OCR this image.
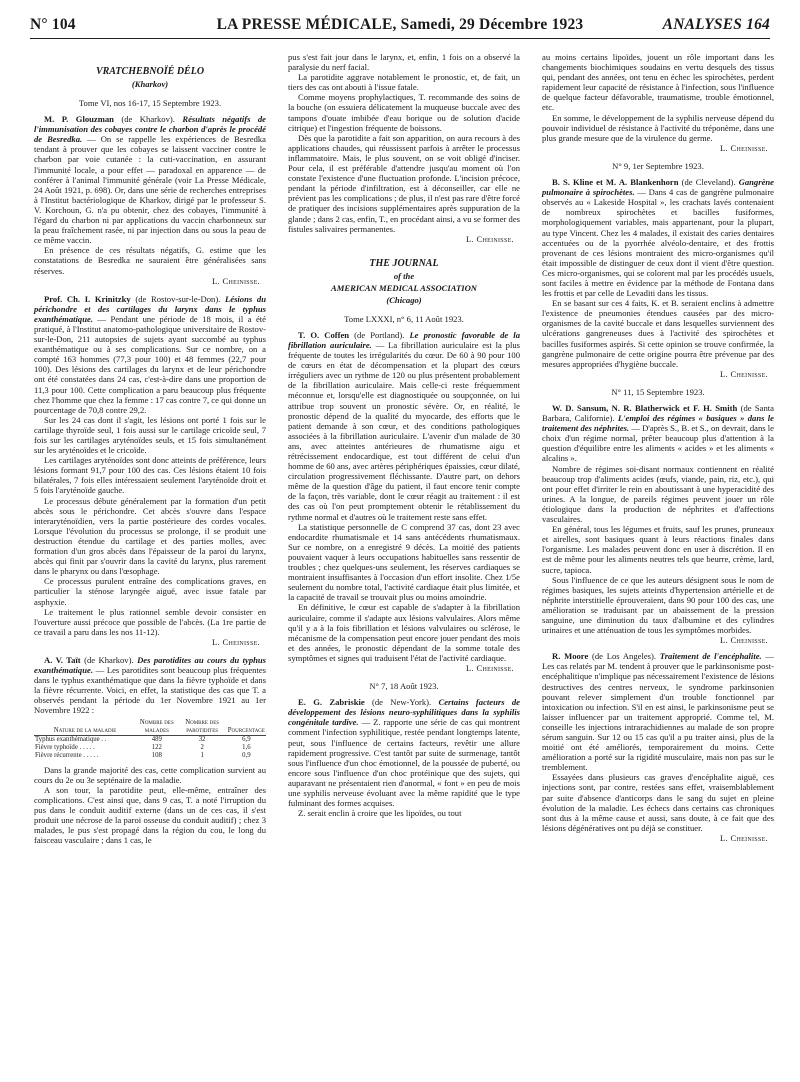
N° 104	LA PRESSE MÉDICALE, Samedi, 29 Décembre 1923	ANALYSES 164

VRATCHEBNOÏÉ DÉLO

(Kharkov)

Tome VI, nos 16-17, 15 Septembre 1923.

M. P. Glouzman (de Kharkov). Résultats négatifs de l'immunisation des cobayes contre le charbon d'après le procédé de Besredka. — On se rappelle les expériences de Besredka tendant à prouver que les cobayes se laissent vacciner contre le charbon par voie cutanée : la cuti-vaccination, en assurant l'immunité locale, a pour effet — paradoxal en apparence — de conférer à l'animal l'immunité générale (voir La Presse Médicale, 24 Août 1921, p. 698). Or, dans une série de recherches entreprises à l'Institut bactériologique de Kharkov, dirigé par le professeur S. V. Korchoun, G. n'a pu obtenir, chez des cobayes, l'immunité à l'égard du charbon ni par applications du vaccin charbonneux sur la peau fraîchement rasée, ni par injection dans ou sous la peau de ce même vaccin.

En présence de ces résultats négatifs, G. estime que les constatations de Besredka ne sauraient être généralisées sans réserves.

L. Cheinisse.

Prof. Ch. I. Krinitzky (de Rostov-sur-le-Don). Lésions du périchondre et des cartilages du larynx dans le typhus exanthématique. — Pendant une période de 18 mois, il a été pratiqué, à l'Institut anatomo-pathologique universitaire de Rostov-sur-le-Don, 211 autopsies de sujets ayant succombé au typhus exanthématique ou à ses complications. Sur ce nombre, on a compté 163 hommes (77,3 pour 100) et 48 femmes (22,7 pour 100). Des lésions des cartilages du larynx et de leur périchondre ont été constatées dans 24 cas, c'est-à-dire dans une proportion de 11,3 pour 100. Cette complication a paru beaucoup plus fréquente chez l'homme que chez la femme : 17 cas contre 7, ce qui donne un pourcentage de 70,8 contre 29,2.

Sur les 24 cas dont il s'agit, les lésions ont porté 1 fois sur le cartilage thyroïde seul, 1 fois aussi sur le cartilage cricoïde seul, 7 fois sur les cartilages aryténoïdes seuls, et 15 fois simultanément sur les aryténoïdes et le cricoïde.

Les cartilages aryténoïdes sont donc atteints de préférence, leurs lésions formant 91,7 pour 100 des cas. Ces lésions étaient 10 fois bilatérales, 7 fois elles intéressaient seulement l'aryténoïde droit et 5 fois l'aryténoïde gauche.

Le processus débute généralement par la formation d'un petit abcès sous le périchondre. Cet abcès s'ouvre dans l'espace interaryténoïdien, vers la partie postérieure des cordes vocales. Lorsque l'évolution du processus se prolonge, il se produit une destruction étendue du cartilage et des parties molles, avec formation d'un gros abcès dans l'épaisseur de la paroi du larynx, abcès qui finit par s'ouvrir dans la cavité du larynx, plus rarement dans le pharynx ou dans l'œsophage.

Ce processus purulent entraîne des complications graves, en particulier la sténose laryngée aiguë, avec issue fatale par asphyxie.

Le traitement le plus rationnel semble devoir consister en l'ouverture aussi précoce que possible de l'abcès. (La 1re partie de ce travail a paru dans les nos 11-12).

L. Cheinisse.

A. V. Taït (de Kharkov). Des parotidites au cours du typhus exanthématique. — Les parotidites sont beaucoup plus fréquentes dans le typhus exanthématique que dans la fièvre typhoïde et dans la fièvre récurrente. Voici, en effet, la statistique des cas que T. a observés pendant la période du 1er Novembre 1921 au 1er Novembre 1922 :

Nature de la maladie	Nombre des malades	Nombre des parotidites	Pourcentage
Typhus exanthématique . .	489	32	6,9
Fièvre typhoïde . . . . .	122	2	1,6
Fièvre récurrente . . . . .	108	1	0,9

Dans la grande majorité des cas, cette complication survient au cours du 2e ou 3e septénaire de la maladie.

A son tour, la parotidite peut, elle-même, entraîner des complications. C'est ainsi que, dans 9 cas, T. a noté l'irruption du pus dans le conduit auditif externe (dans un de ces cas, il s'est produit une nécrose de la paroi osseuse du conduit auditif) ; chez 3 malades, le pus s'est propagé dans la région du cou, le long du faisceau vasculaire ; dans 1 cas, le

pus s'est fait jour dans le larynx, et, enfin, 1 fois on a observé la paralysie du nerf facial.

La parotidite aggrave notablement le pronostic, et, de fait, un tiers des cas ont abouti à l'issue fatale.

Comme moyens prophylactiques, T. recommande des soins de la bouche (on essuiera délicatement la muqueuse buccale avec des tampons d'ouate imbibée d'eau borique ou de solution d'acide citrique) et l'ingestion fréquente de boissons.

Dès que la parotidite a fait son apparition, on aura recours à des applications chaudes, qui réussissent parfois à arrêter le processus inflammatoire. Mais, le plus souvent, on se voit obligé d'inciser. Pour cela, il est préférable d'attendre jusqu'au moment où l'on constate l'existence d'une fluctuation profonde. L'incision précoce, pendant la période d'infiltration, est à déconseiller, car elle ne prévient pas les complications ; de plus, il n'est pas rare d'être forcé de pratiquer des incisions supplémentaires après suppuration de la glande ; dans 2 cas, enfin, T., en procédant ainsi, a vu se former des fistules salivaires permanentes.

L. Cheinisse.

THE JOURNAL

of the

AMERICAN MEDICAL ASSOCIATION

(Chicago)

Tome LXXXI, n° 6, 11 Août 1923.

T. O. Coffen (de Portland). Le pronostic favorable de la fibrillation auriculaire. — La fibrillation auriculaire est la plus fréquente de toutes les irrégularités du cœur. De 60 à 90 pour 100 de cœurs en état de décompensation et la plupart des cœurs irréguliers avec un rythme de 120 ou plus présentent probablement de la fibrillation auriculaire. Mais celle-ci reste fréquemment méconnue et, lorsqu'elle est diagnostiquée ou soupçonnée, on lui attribue trop souvent un pronostic sévère. Or, en réalité, le pronostic dépend de la qualité du myocarde, des efforts que le patient demande à son cœur, et des conditions pathologiques associées à la fibrillation auriculaire. L'avenir d'un malade de 30 ans, avec atteintes antérieures de rhumatisme aigu et rétrécissement endocardique, est tout différent de celui d'un homme de 60 ans, avec artères périphériques épaissies, cœur dilaté, circulation progressivement fléchissante. D'autre part, on dehors même de la question d'âge du patient, il faut encore tenir compte de la façon, très variable, dont le cœur réagit au traitement : il est des cas où l'on peut promptement obtenir le rétablissement du rythme normal et d'autres où le traitement reste sans effet.

La statistique personnelle de C comprend 37 cas, dont 23 avec endocardite rhumatismale et 14 sans antécédents rhumatismaux. Sur ce nombre, on a enregistré 9 décès. La moitié des patients pouvaient vaquer à leurs occupations habituelles sans ressentir de troubles ; chez quelques-uns seulement, les réserves cardiaques se montraient insuffisantes à l'occasion d'un effort insolite. Chez 1/5e seulement du nombre total, l'activité cardiaque était plus limitée, et la capacité de travail se trouvait plus ou moins amoindrie.

En définitive, le cœur est capable de s'adapter à la fibrillation auriculaire, comme il s'adapte aux lésions valvulaires. Alors même qu'il y a à la fois fibrillation et lésions valvulaires ou sclérose, le mécanisme de la compensation peut encore jouer pendant des mois et des années, le pronostic dépendant de la somme totale des symptômes et signes qui traduisent l'état de l'activité cardiaque.

L. Cheinisse.

N° 7, 18 Août 1923.

E. G. Zabriskie (de New-York). Certains facteurs de développement des lésions neuro-syphilitiques dans la syphilis congénitale tardive. — Z. rapporte une série de cas qui montrent comment l'infection syphilitique, restée pendant longtemps latente, peut, sous l'influence de certains facteurs, revêtir une allure rapidement progressive. C'est tantôt par suite de surmenage, tantôt sous l'influence d'un choc émotionnel, de la poussée de puberté, ou encore sous l'influence d'un choc protéinique que des sujets, qui auparavant ne présentaient rien d'anormal, « font » en peu de mois une syphilis nerveuse évoluant avec la même rapidité que le type fulminant des formes acquises.

Z. serait enclin à croire que les lipoïdes, ou tout

au moins certains lipoïdes, jouent un rôle important dans les changements biochimiques soudains en vertu desquels des tissus qui, pendant des années, ont tenu en échec les spirochètes, perdent rapidement leur capacité de résistance à l'infection, sous l'influence de quelque facteur défavorable, traumatisme, trouble émotionnel, etc.

En somme, le développement de la syphilis nerveuse dépend du pouvoir individuel de résistance à l'activité du tréponème, dans une plus grande mesure que de la virulence du germe.

L. Cheinisse.

N° 9, 1er Septembre 1923.

B. S. Kline et M. A. Blankenhorn (de Cleveland). Gangrène pulmonaire à spirochètes. — Dans 4 cas de gangrène pulmonaire observés au « Lakeside Hospital », les crachats lavés contenaient de nombreux spirochètes et bacilles fusiformes, morphologiquement variables, mais appartenant, pour la plupart, au type Vincent. Chez les 4 malades, il existait des caries dentaires accentuées ou de la pyorrhée alvéolo-dentaire, et des frottis provenant de ces lésions montraient des micro-organismes qu'il était impossible de distinguer de ceux dont il vient d'être question. Ces micro-organismes, qui se colorent mal par les procédés usuels, sont faciles à mettre en évidence par la méthode de Fontana dans les frottis et par celle de Levaditi dans les tissus.

En se basant sur ces 4 faits, K. et B. seraient enclins à admettre l'existence de pneumonies étendues causées par des micro-organismes de la cavité buccale et dans lesquelles surviennent des ulcérations gangreneuses dues à l'activité des spirochètes et bacilles fusiformes aspirés. Si cette opinion se trouve confirmée, la gangrène pulmonaire de cette origine pourra être prévenue par des mesures appropriées d'hygiène buccale.

L. Cheinisse.

N° 11, 15 Septembre 1923.

W. D. Sansum, N. R. Blatherwick et F. H. Smith (de Santa Barbara, Californie). L'emploi des régimes « basiques » dans le traitement des néphrites. — D'après S., B. et S., on devrait, dans le choix d'un régime normal, prêter beaucoup plus d'attention à la question d'équilibre entre les aliments « acides » et les aliments « alcalins ».

Nombre de régimes soi-disant normaux contiennent en réalité beaucoup trop d'aliments acides (œufs, viande, pain, riz, etc.), qui ont pour effet d'irriter le rein en aboutissant à une hyperacidité des urines. A la longue, de pareils régimes peuvent jouer un rôle étiologique dans la production de néphrites et d'affections vasculaires.

En général, tous les légumes et fruits, sauf les prunes, pruneaux et airelles, sont basiques quant à leurs réactions finales dans l'organisme. Les malades peuvent donc en user à discrétion. Il en est de même pour les aliments neutres tels que beurre, crème, lard, sucre, tapioca.

Sous l'influence de ce que les auteurs désignent sous le nom de régimes basiques, les sujets atteints d'hypertension artérielle et de néphrite interstitielle éprouveraient, dans 90 pour 100 des cas, une amélioration se traduisant par un abaissement de la pression sanguine, une diminution du taux d'albumine et des cylindres urinaires et une atténuation de tous les symptômes morbides.

L. Cheinisse.

R. Moore (de Los Angeles). Traitement de l'encéphalite. — Les cas relatés par M. tendent à prouver que le parkinsonisme post-encéphalitique n'implique pas nécessairement l'existence de lésions destructives des centres nerveux, le syndrome parkinsonien pouvant relever simplement d'un trouble fonctionnel par intoxication ou infection. S'il en est ainsi, le parkinsonisme peut se laisser influencer par un traitement approprié. Comme tel, M. conseille les injections intrarachidiennes au malade de son propre sérum sanguin. Sur 12 ou 15 cas qu'il a pu traiter ainsi, plus de la moitié ont été améliorés, temporairement du moins. Cette amélioration a porté sur la rigidité musculaire, mais non pas sur le tremblement.

Essayées dans plusieurs cas graves d'encéphalite aiguë, ces injections sont, par contre, restées sans effet, vraisemblablement par suite d'absence d'anticorps dans le sang du sujet en pleine évolution de la maladie. Les échecs dans certains cas chroniques sont dus à la même cause et aussi, sans doute, à ce fait que des lésions dégénératives ont pu déjà se constituer.

L. Cheinisse.
